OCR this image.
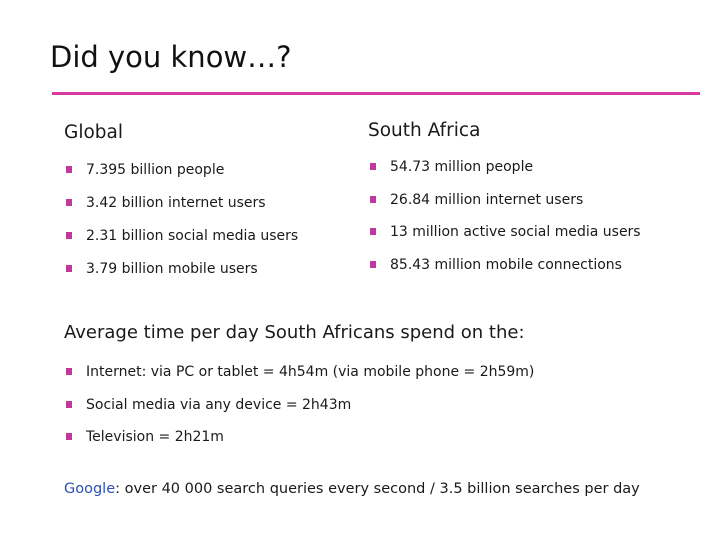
Did you know…?
Global
7.395 billion people
3.42 billion internet users
2.31 billion social media users
3.79 billion mobile users
South Africa
54.73 million people
26.84 million internet users
13 million active social media users
85.43 million mobile connections
Average time per day South Africans spend on the:
Internet: via PC or tablet = 4h54m (via mobile phone = 2h59m)
Social media via any device = 2h43m
Television = 2h21m
Google: over 40 000 search queries every second / 3.5 billion searches per day
